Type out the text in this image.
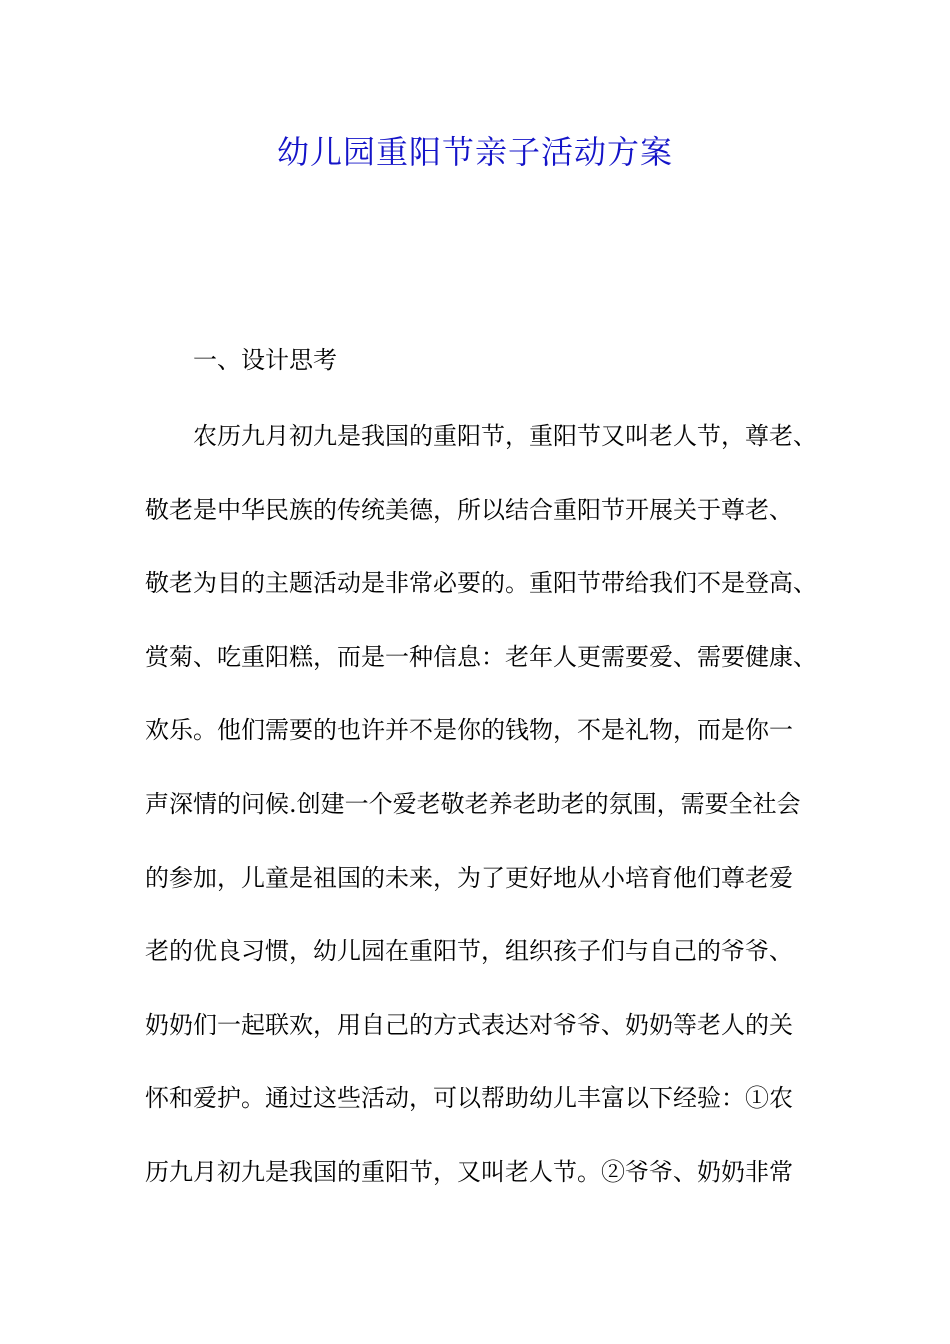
幼儿园重阳节亲子活动方案
一、设计思考
农历九月初九是我国的重阳节，重阳节又叫老人节，尊老、
敬老是中华民族的传统美德，所以结合重阳节开展关于尊老、
敬老为目的主题活动是非常必要的。重阳节带给我们不是登高、
赏菊、吃重阳糕，而是一种信息：老年人更需要爱、需要健康、
欢乐。他们需要的也许并不是你的钱物，不是礼物，而是你一
声深情的问候.创建一个爱老敬老养老助老的氛围，需要全社会
的参加，儿童是祖国的未来，为了更好地从小培育他们尊老爱
老的优良习惯，幼儿园在重阳节，组织孩子们与自己的爷爷、
奶奶们一起联欢，用自己的方式表达对爷爷、奶奶等老人的关
怀和爱护。通过这些活动，可以帮助幼儿丰富以下经验：①农
历九月初九是我国的重阳节，又叫老人节。②爷爷、奶奶非常
